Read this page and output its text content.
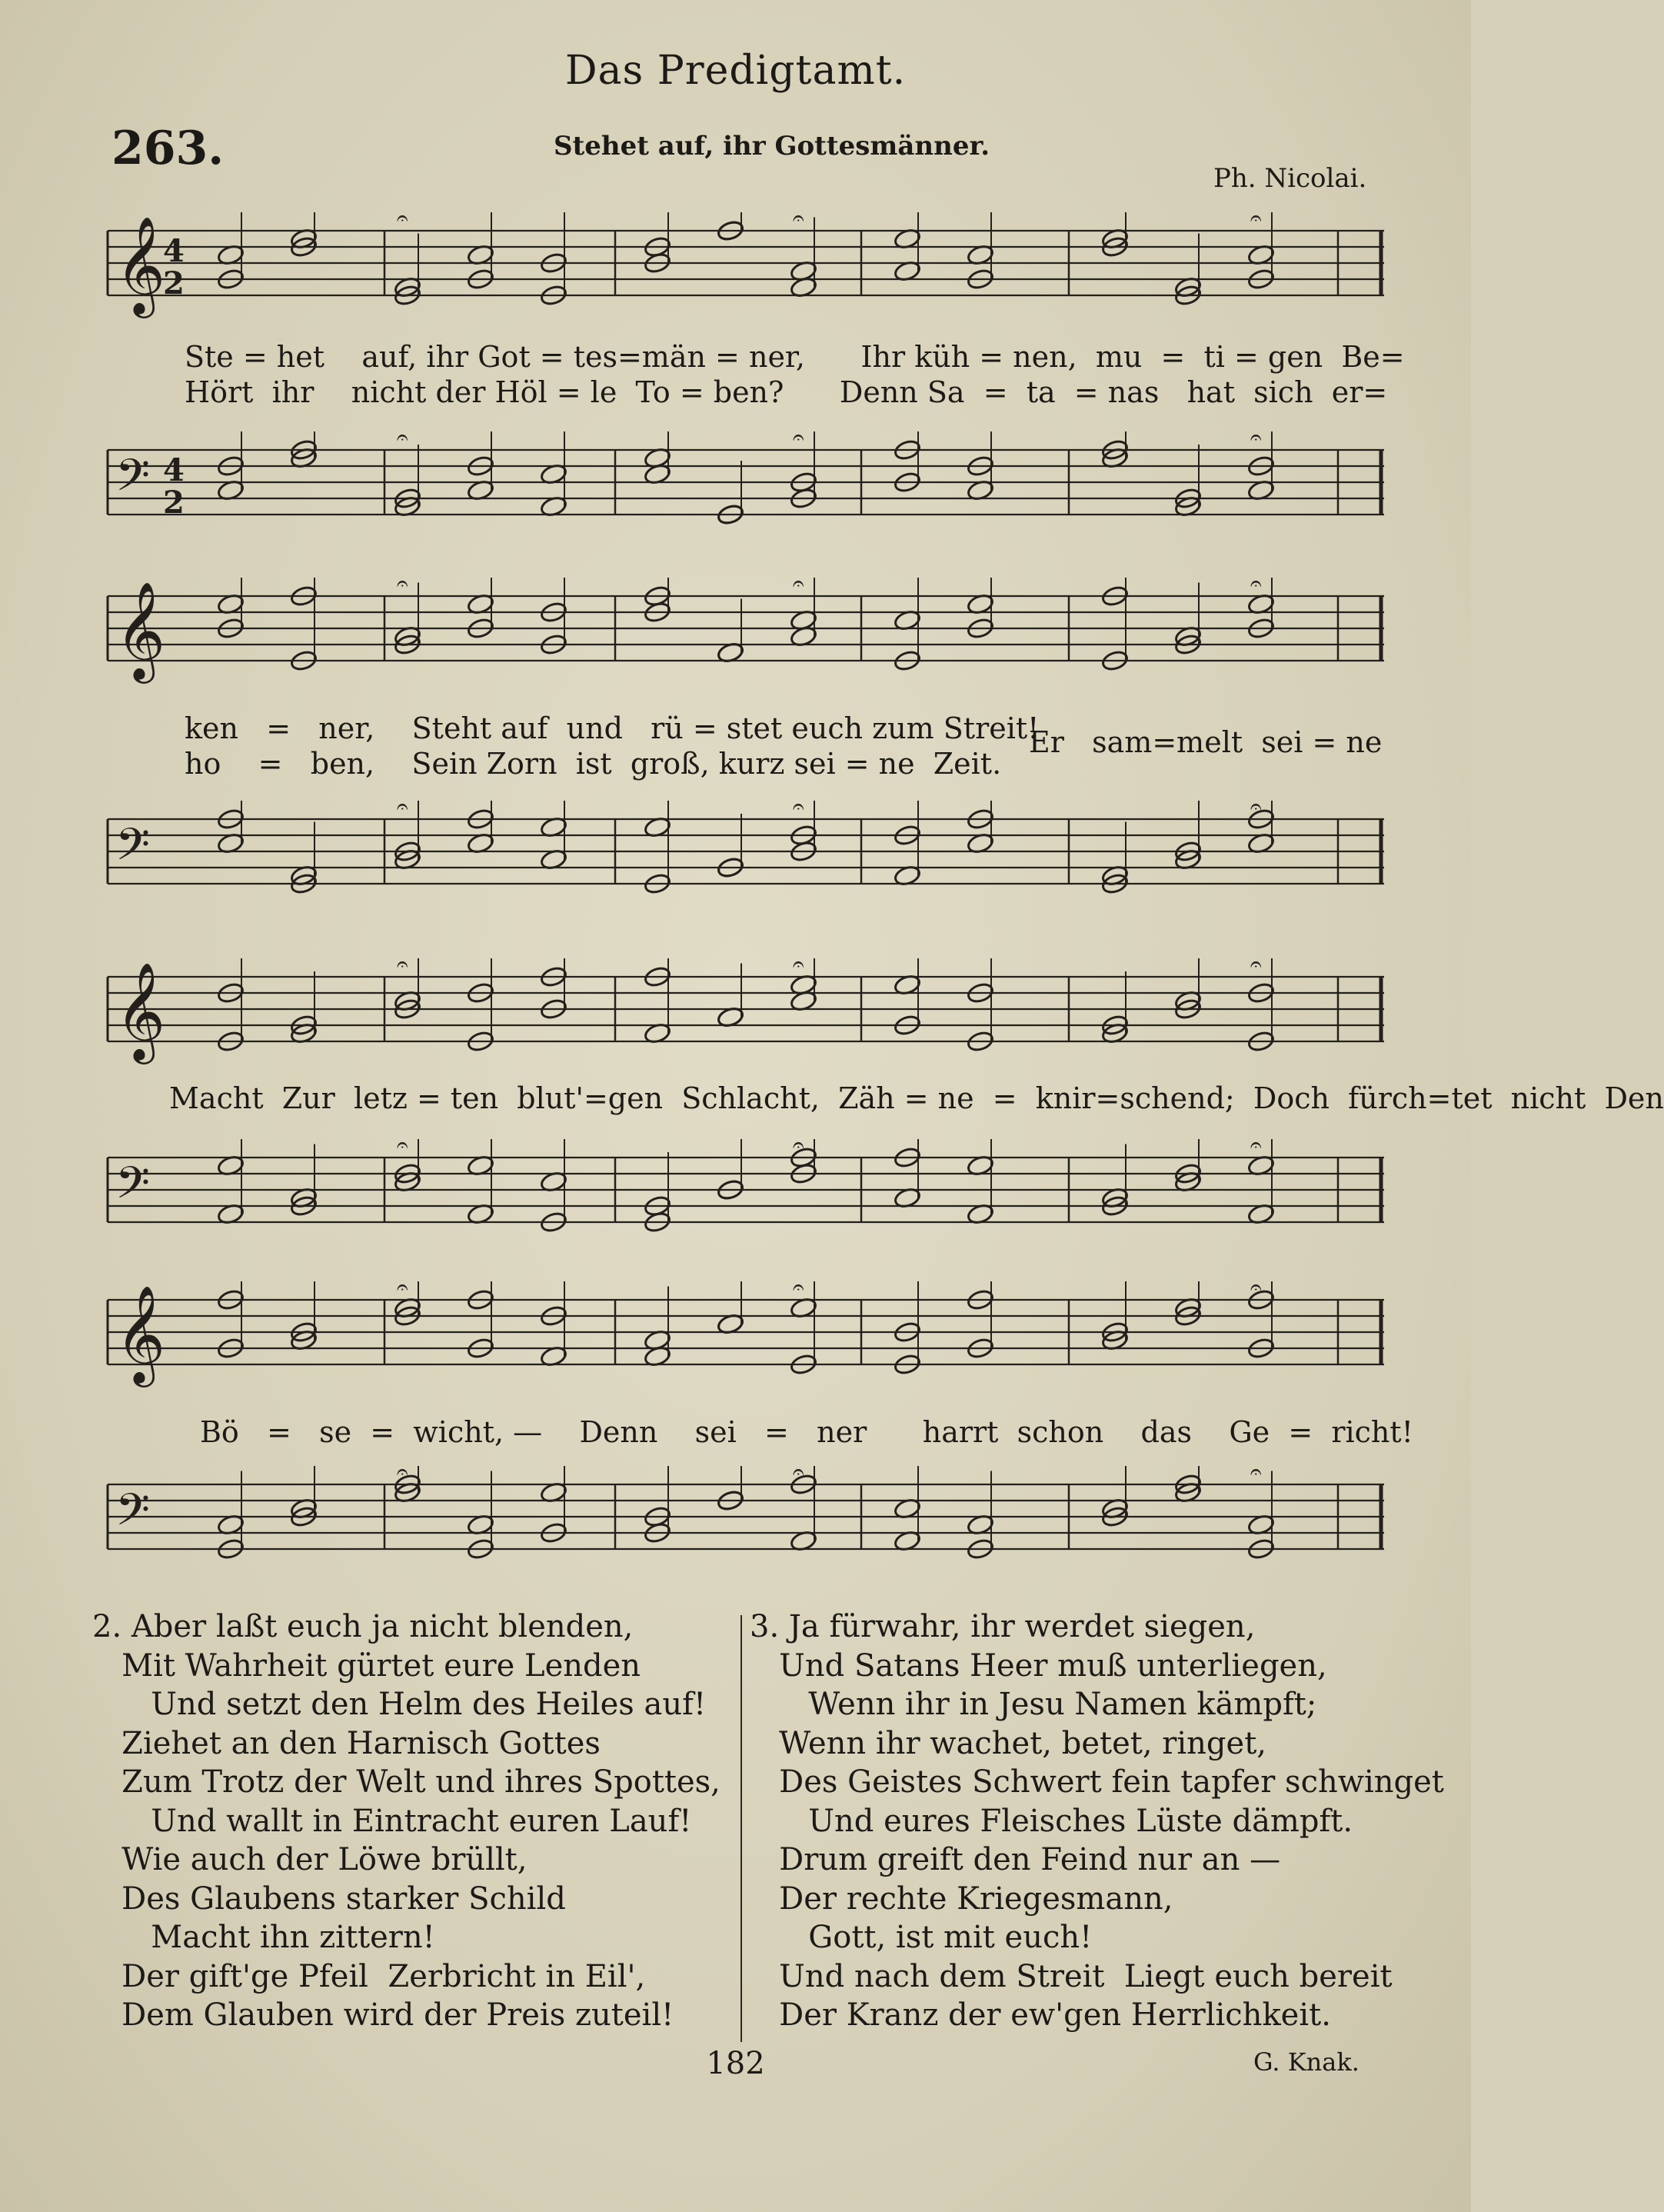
Das Predigtamt.
263.	Stehet auf, ihr Gottesmänner.
Ph. Nicolai.
𝄞
4
2
𝄐	𝄐	𝄐
Ste = het    auf, ihr Got = tes=män = ner,      Ihr küh = nen,  mu  =  ti = gen  Be=
Hört  ihr    nicht der Höl = le  To = ben?      Denn Sa  =  ta  = nas   hat  sich  er=
𝄢 4
2
𝄐	𝄐	𝄐
𝄞	𝄐	𝄐	𝄐
ken   =   ner,    Steht auf  und   rü = stet euch zum Streit!
ho    =   ben,    Sein Zorn  ist  groß, kurz sei = ne  Zeit.
Er   sam=melt  sei = ne
𝄢
𝄐	𝄐	𝄐
𝄞	𝄐	𝄐	𝄐
Macht  Zur  letz = ten  blut'=gen  Schlacht,  Zäh = ne  =  knir=schend;  Doch  fürch=tet  nicht  Den
𝄢
𝄐	𝄐	𝄐
𝄞	𝄐	𝄐	𝄐
Bö   =   se  =  wicht, —    Denn    sei   =   ner      harrt  schon    das    Ge  =  richt!
𝄢
𝄐	𝄐	𝄐
2. Aber laßt euch ja nicht blenden,
Mit Wahrheit gürtet eure Lenden
Und setzt den Helm des Heiles auf!
Ziehet an den Harnisch Gottes
Zum Trotz der Welt und ihres Spottes,
Und wallt in Eintracht euren Lauf!
Wie auch der Löwe brüllt,
Des Glaubens starker Schild
Macht ihn zittern!
Der gift'ge Pfeil  Zerbricht in Eil',
Dem Glauben wird der Preis zuteil!
3. Ja fürwahr, ihr werdet siegen,
Und Satans Heer muß unterliegen,
Wenn ihr in Jesu Namen kämpft;
Wenn ihr wachet, betet, ringet,
Des Geistes Schwert fein tapfer schwinget
Und eures Fleisches Lüste dämpft.
Drum greift den Feind nur an —
Der rechte Kriegesmann,
Gott, ist mit euch!
Und nach dem Streit  Liegt euch bereit
Der Kranz der ew'gen Herrlichkeit.
182	G. Knak.
